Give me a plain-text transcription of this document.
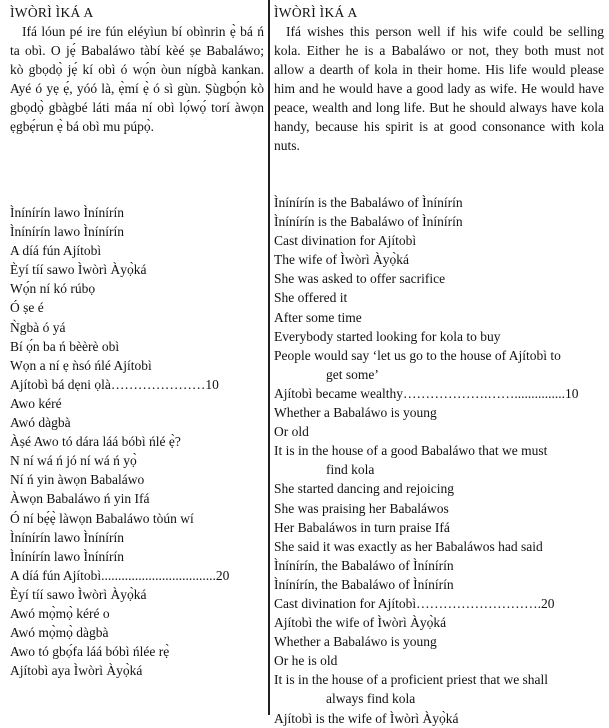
ÌWÒRÌ ÌKÁ A

Ifá lóun pé ire fún eléyìun bí obìnrin ẹ̀ bá ń ta obì. O jẹ́ Babaláwo tàbí kèé ṣe Babaláwo; kò gbọdọ̀ jẹ́ kí obì ó wọ́n òun nígbà kankan. Ayé ó yẹ ẹ́, yóó là, ẹ̀mí ẹ̀ ó sì gùn. Ṣùgbọ́n kò gbọdọ̀ gbàgbé láti máa ní obì lọ́wọ́ torí àwọn ẹgbẹ́run ẹ̀ bá obì mu púpọ̀.

Ìnínírín lawo Ìnínírín
Ìnínírín lawo Ìnínírín
A díá fún Ajítobì
Èyí tíí sawo Ìwòrì Àyọ̀ká
Wọ́n ní kó rúbọ
Ó ṣe é
Ǹgbà ó yá
Bí ọ́n ba ń bèèrè obì
Wọn a ní ẹ ǹsó ńlé Ajítobì
Ajítobì bá dẹni ọlà…………………10
Awo kéré
Awó dàgbà
Àṣé Awo tó dára láá bóbì ńlé ẹ̀?
N ní wá ń jó ní wá ń yọ̀
Ní ń yin àwọn Babaláwo
Àwọn Babaláwo ń yin Ifá
Ó ní bẹ́ẹ̀ làwọn Babaláwo tòún wí
Ìnínírín lawo Ìnínírín
Ìnínírín lawo Ìnínírín
A díá fún Ajítobì..................................20
Èyí tíí sawo Ìwòrì Àyọ̀ká
Awó mọ̀mọ̀ kéré o
Awó mọ̀mọ̀ dàgbà
Awo tó gbọ́fa láá bóbì ńlée rẹ̀
Ajítobì aya Ìwòrì Àyọ̀ká
ÌWÒRÌ ÌKÁ A

Ifá wishes this person well if his wife could be selling kola. Either he is a Babaláwo or not, they both must not allow a dearth of kola in their home. His life would please him and he would have a good lady as wife. He would have peace, wealth and long life. But he should always have kola handy, because his spirit is at good consonance with kola nuts.

Ìnínírín is the Babaláwo of Ìnínírín
Ìnínírín is the Babaláwo of Ìnínírín
Cast divination for Ajítobì
The wife of Ìwòrì Àyọ̀ká
She was asked to offer sacrifice
She offered it
After some time
Everybody started looking for kola to buy
People would say ‘let us go to the house of Ajítobì to
get some’
Ajítobì became wealthy……………….……...............10
Whether a Babaláwo is young
Or old
It is in the house of a good Babaláwo that we must
find kola
She started dancing and rejoicing
She was praising her Babaláwos
Her Babaláwos in turn praise Ifá
She said it was exactly as her Babaláwos had said
Ìnínírín, the Babaláwo of Ìnínírín
Ìnínírín, the Babaláwo of Ìnínírín
Cast divination for Ajítobì……………………….20
Ajítobì the wife of Ìwòrì Àyọ̀ká
Whether a Babaláwo is young
Or he is old
It is in the house of a proficient priest that we shall
always find kola
Ajítobì is the wife of Ìwòrì Àyọ̀ká
